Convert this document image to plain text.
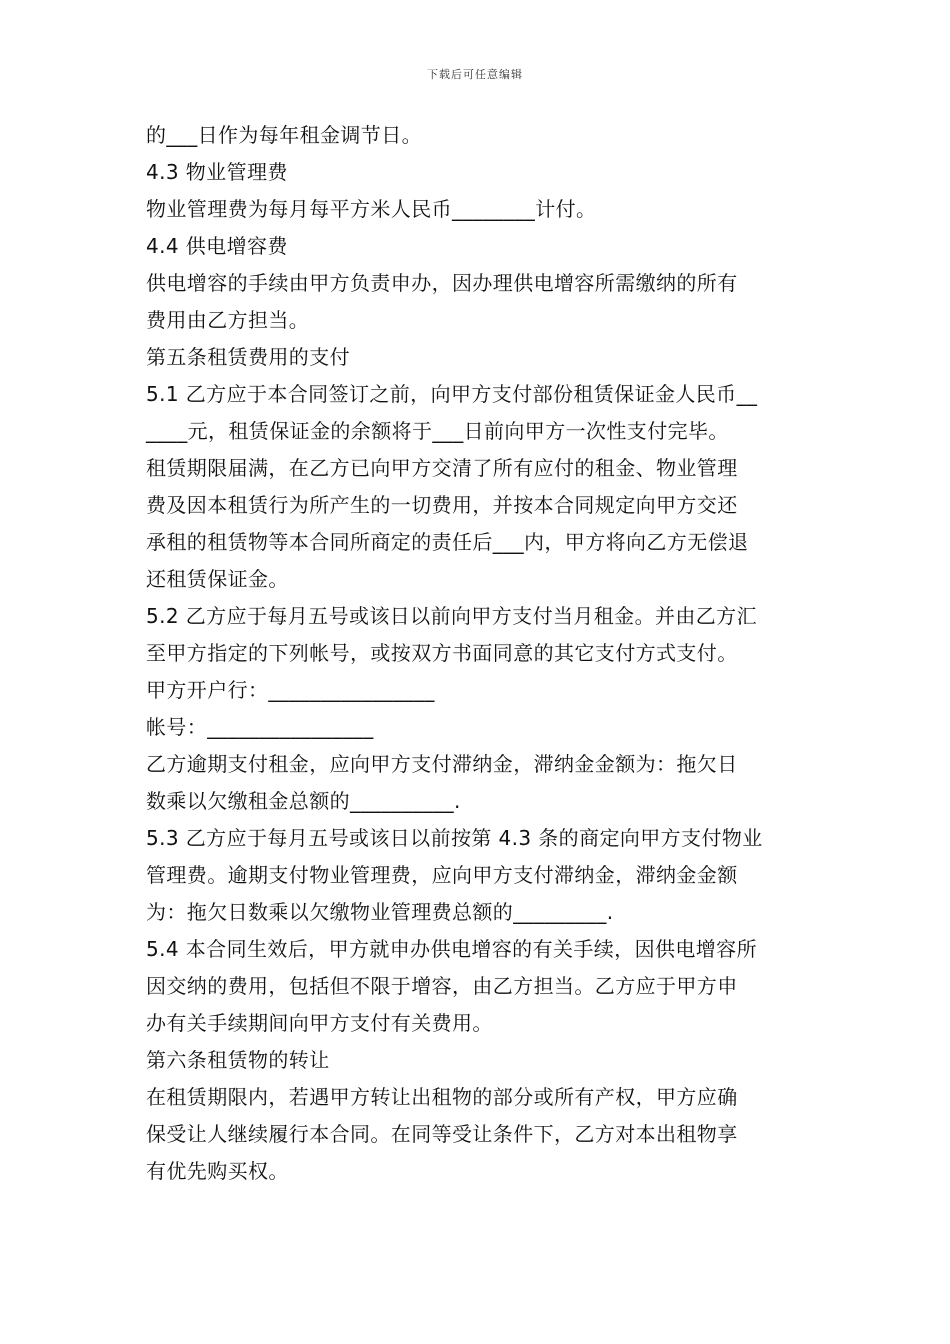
下载后可任意编辑
的___日作为每年租金调节日。
4.3 物业管理费
物业管理费为每月每平方米人民币________计付。
4.4 供电增容费
供电增容的手续由甲方负责申办，因办理供电增容所需缴纳的所有
费用由乙方担当。
第五条租赁费用的支付
5.1 乙方应于本合同签订之前，向甲方支付部份租赁保证金人民币__
____元，租赁保证金的余额将于___日前向甲方一次性支付完毕。
租赁期限届满，在乙方已向甲方交清了所有应付的租金、物业管理
费及因本租赁行为所产生的一切费用，并按本合同规定向甲方交还
承租的租赁物等本合同所商定的责任后___内，甲方将向乙方无偿退
还租赁保证金。
5.2 乙方应于每月五号或该日以前向甲方支付当月租金。并由乙方汇
至甲方指定的下列帐号，或按双方书面同意的其它支付方式支付。
甲方开户行：________________
帐号：________________
乙方逾期支付租金，应向甲方支付滞纳金，滞纳金金额为：拖欠日
数乘以欠缴租金总额的__________.
5.3 乙方应于每月五号或该日以前按第 4.3 条的商定向甲方支付物业
管理费。逾期支付物业管理费，应向甲方支付滞纳金，滞纳金金额
为：拖欠日数乘以欠缴物业管理费总额的_________.
5.4 本合同生效后，甲方就申办供电增容的有关手续，因供电增容所
因交纳的费用，包括但不限于增容，由乙方担当。乙方应于甲方申
办有关手续期间向甲方支付有关费用。
第六条租赁物的转让
在租赁期限内，若遇甲方转让出租物的部分或所有产权，甲方应确
保受让人继续履行本合同。在同等受让条件下，乙方对本出租物享
有优先购买权。
